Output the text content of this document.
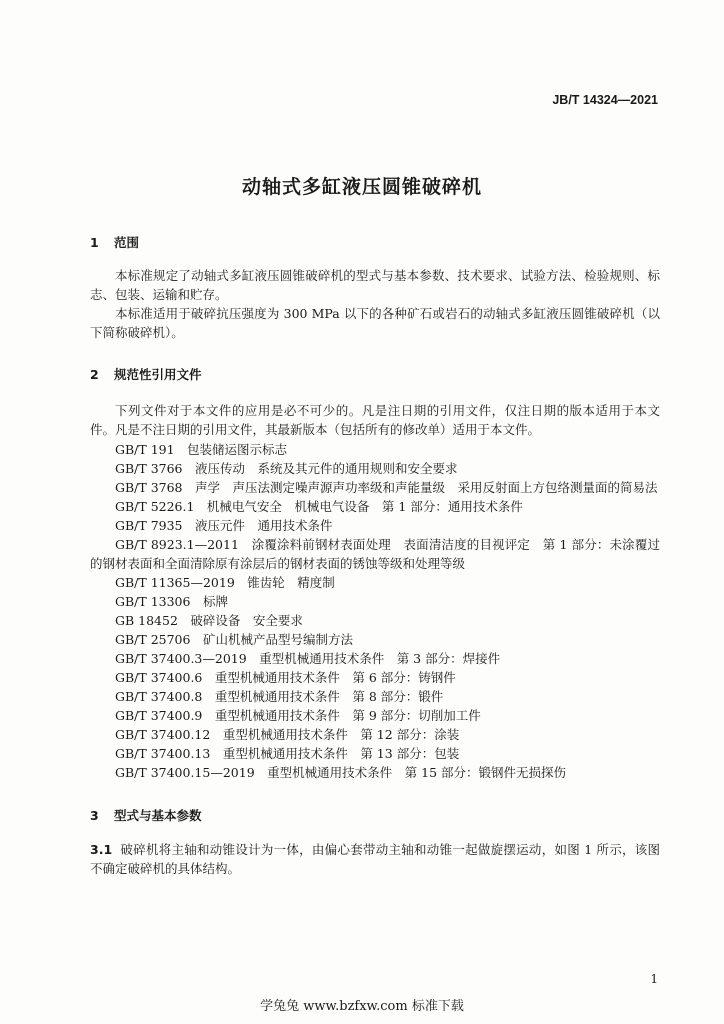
JB/T 14324—2021
动轴式多缸液压圆锥破碎机
1 范围

本标准规定了动轴式多缸液压圆锥破碎机的型式与基本参数、技术要求、试验方法、检验规则、标志、包装、运输和贮存。

本标准适用于破碎抗压强度为 300 MPa 以下的各种矿石或岩石的动轴式多缸液压圆锥破碎机（以下简称破碎机）。

2 规范性引用文件

下列文件对于本文件的应用是必不可少的。凡是注日期的引用文件，仅注日期的版本适用于本文件。凡是不注日期的引用文件，其最新版本（包括所有的修改单）适用于本文件。

GB/T 191　包装储运图示标志
GB/T 3766　液压传动　系统及其元件的通用规则和安全要求
GB/T 3768　声学　声压法测定噪声源声功率级和声能量级　采用反射面上方包络测量面的简易法
GB/T 5226.1　机械电气安全　机械电气设备　第 1 部分：通用技术条件
GB/T 7935　液压元件　通用技术条件

GB/T 8923.1—2011　涂覆涂料前钢材表面处理　表面清洁度的目视评定　第 1 部分：未涂覆过的钢材表面和全面清除原有涂层后的钢材表面的锈蚀等级和处理等级

GB/T 11365—2019　锥齿轮　精度制
GB/T 13306　标牌
GB 18452　破碎设备　安全要求
GB/T 25706　矿山机械产品型号编制方法
GB/T 37400.3—2019　重型机械通用技术条件　第 3 部分：焊接件
GB/T 37400.6　重型机械通用技术条件　第 6 部分：铸钢件
GB/T 37400.8　重型机械通用技术条件　第 8 部分：锻件
GB/T 37400.9　重型机械通用技术条件　第 9 部分：切削加工件
GB/T 37400.12　重型机械通用技术条件　第 12 部分：涂装
GB/T 37400.13　重型机械通用技术条件　第 13 部分：包装
GB/T 37400.15—2019　重型机械通用技术条件　第 15 部分：锻钢件无损探伤
3 型式与基本参数

3.1 破碎机将主轴和动锥设计为一体，由偏心套带动主轴和动锥一起做旋摆运动，如图 1 所示，该图不确定破碎机的具体结构。

1
学兔兔 www.bzfxw.com 标准下载
